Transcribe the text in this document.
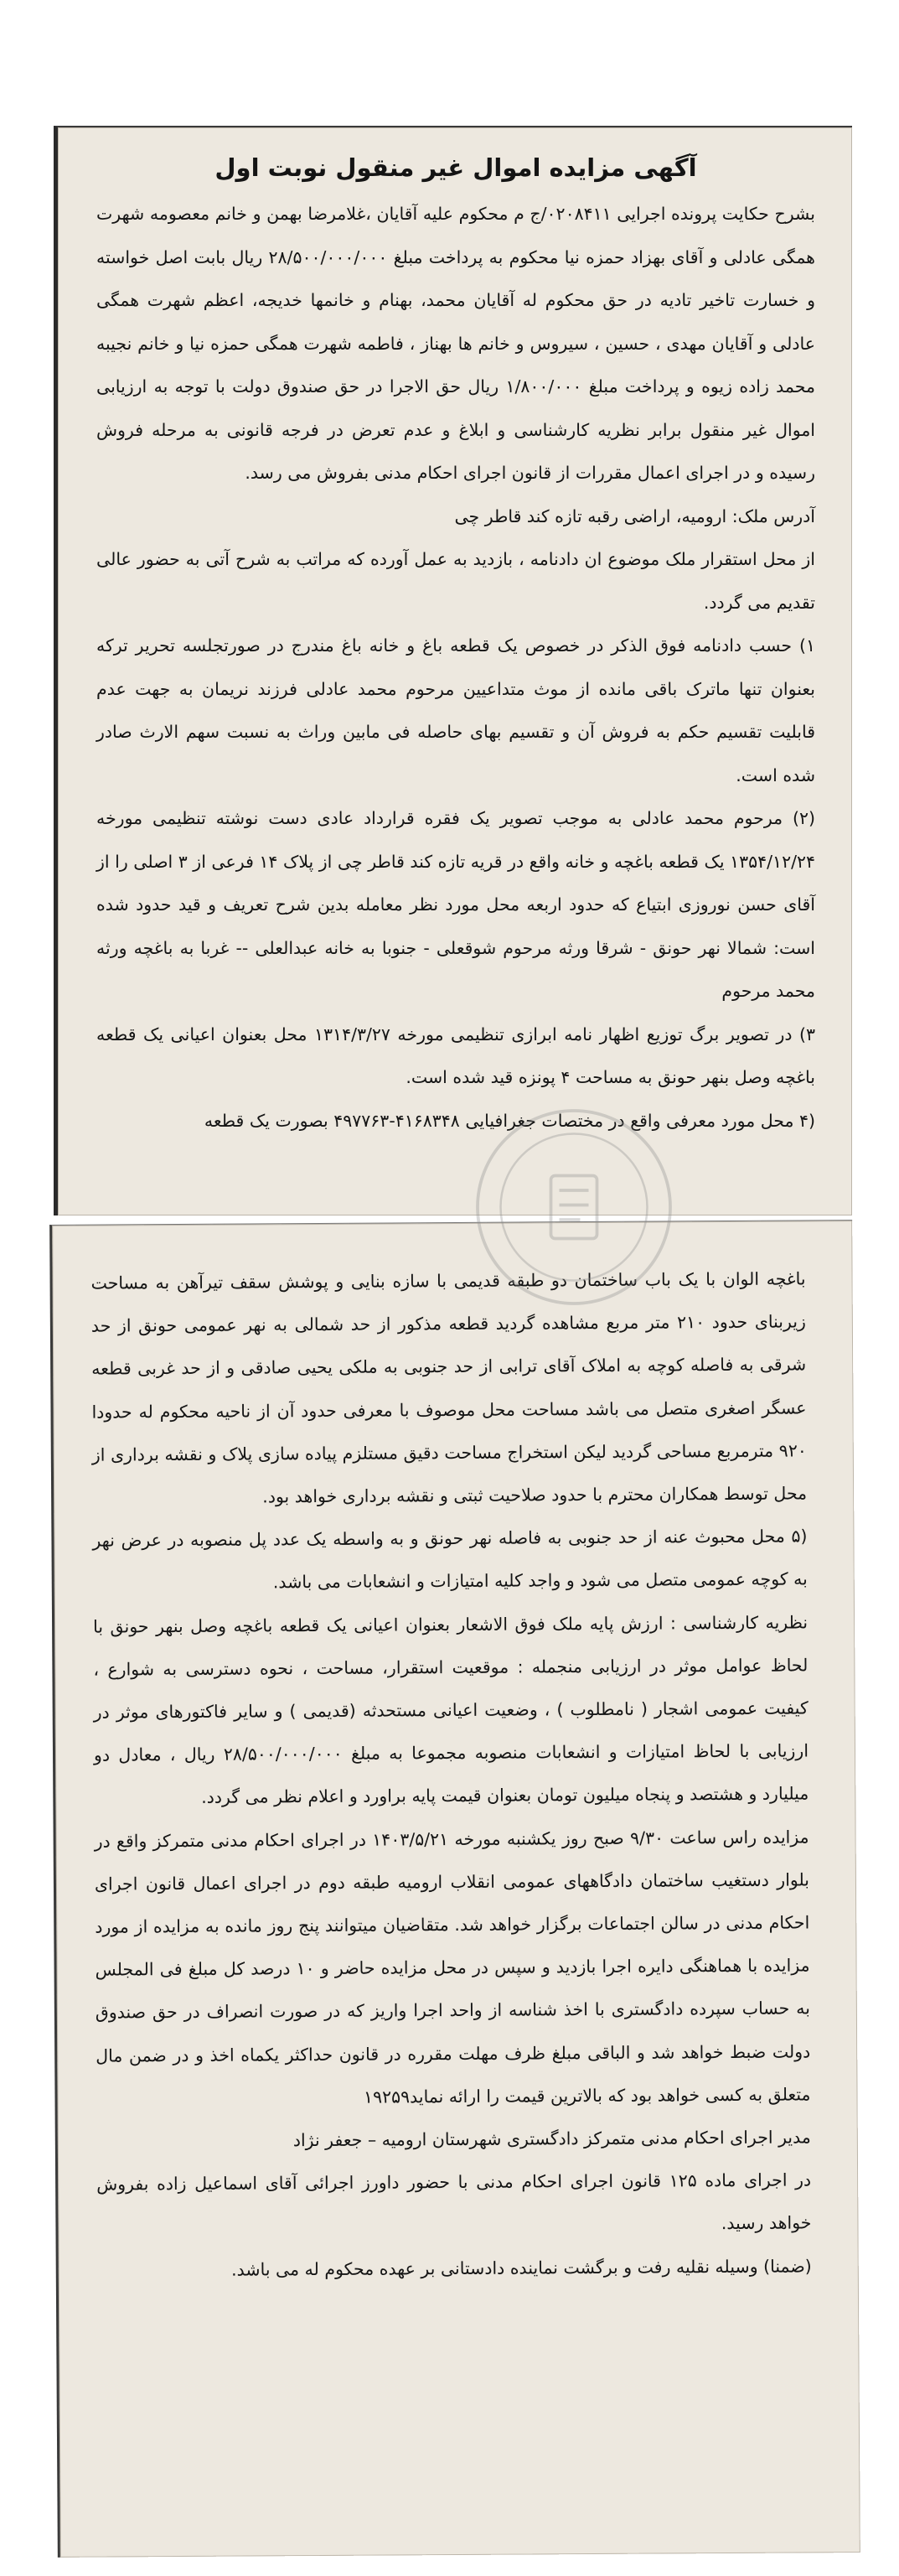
آگهی مزایده اموال غیر منقول نوبت اول

بشرح حکایت پرونده اجرایی ۰۲۰۸۴۱۱/ج م محکوم علیه آقایان ،غلامرضا بهمن و خانم معصومه شهرت همگی عادلی و آقای بهزاد حمزه نیا محکوم به پرداخت مبلغ ۲۸/۵۰۰/۰۰۰/۰۰۰ ریال بابت اصل خواسته و خسارت تاخیر تادیه در حق محکوم له آقایان محمد، بهنام و خانمها خدیجه، اعظم شهرت همگی عادلی و آقایان مهدی ، حسین ، سیروس و خانم ها بهناز ، فاطمه شهرت همگی حمزه نیا و خانم نجیبه محمد زاده زیوه و پرداخت مبلغ ۱/۸۰۰/۰۰۰ ریال حق الاجرا در حق صندوق دولت با توجه به ارزیابی اموال غیر منقول برابر نظریه کارشناسی و ابلاغ و عدم تعرض در فرجه قانونی به مرحله فروش رسیده و در اجرای اعمال مقررات از قانون اجرای احکام مدنی بفروش می رسد.

آدرس ملک: ارومیه، اراضی رقبه تازه کند قاطر چی

از محل استقرار ملک موضوع ان دادنامه ، بازدید به عمل آورده که مراتب به شرح آتی به حضور عالی تقدیم می گردد.

۱) حسب دادنامه فوق الذکر در خصوص یک قطعه باغ و خانه باغ مندرج در صورتجلسه تحریر ترکه بعنوان تنها ماترک باقی مانده از موث متداعیین مرحوم محمد عادلی فرزند نریمان به جهت عدم قابلیت تقسیم حکم به فروش آن و تقسیم بهای حاصله فی مابین وراث به نسبت سهم الارث صادر شده است.

(۲) مرحوم محمد عادلی به موجب تصویر یک فقره قرارداد عادی دست نوشته تنظیمی مورخه ۱۳۵۴/۱۲/۲۴ یک قطعه باغچه و خانه واقع در قریه تازه کند قاطر چی از پلاک ۱۴ فرعی از ۳ اصلی را از آقای حسن نوروزی ابتیاع که حدود اربعه محل مورد نظر معامله بدین شرح تعریف و قید حدود شده است: شمالا نهر حونق - شرقا ورثه مرحوم شوقعلی - جنوبا به خانه عبدالعلی -- غربا به باغچه ورثه محمد مرحوم

۳) در تصویر برگ توزیع اظهار نامه ابرازی تنظیمی مورخه ۱۳۱۴/۳/۲۷ محل بعنوان اعیانی یک قطعه باغچه وصل بنهر حونق به مساحت ۴ پونزه قید شده است.

(۴ محل مورد معرفی واقع در مختصات جغرافیایی ۴۱۶۸۳۴۸-۴۹۷۷۶۳ بصورت یک قطعه

باغچه الوان با یک باب ساختمان دو طبقه قدیمی با سازه بنایی و پوشش سقف تیرآهن به مساحت زیربنای حدود ۲۱۰ متر مربع مشاهده گردید قطعه مذکور از حد شمالی به نهر عمومی حونق از حد شرقی به فاصله کوچه به املاک آقای ترابی از حد جنوبی به ملکی یحیی صادقی و از حد غربی قطعه عسگر اصغری متصل می باشد مساحت محل موصوف با معرفی حدود آن از ناحیه محکوم له حدودا ۹۲۰ مترمربع مساحی گردید لیکن استخراج مساحت دقیق مستلزم پیاده سازی پلاک و نقشه برداری از محل توسط همکاران محترم با حدود صلاحیت ثبتی و نقشه برداری خواهد بود.

(۵ محل محبوث عنه از حد جنوبی به فاصله نهر حونق و به واسطه یک عدد پل منصوبه در عرض نهر به کوچه عمومی متصل می شود و واجد کلیه امتیازات و انشعابات می باشد.

نظریه کارشناسی : ارزش پایه ملک فوق الاشعار بعنوان اعیانی یک قطعه باغچه وصل بنهر حونق با لحاظ عوامل موثر در ارزیابی منجمله : موقعیت استقرار، مساحت ، نحوه دسترسی به شوارع ، کیفیت عمومی اشجار ( نامطلوب ) ، وضعیت اعیانی مستحدثه (قدیمی ) و سایر فاکتورهای موثر در ارزیابی با لحاظ امتیازات و انشعابات منصوبه مجموعا به مبلغ ۲۸/۵۰۰/۰۰۰/۰۰۰ ریال ، معادل دو میلیارد و هشتصد و پنجاه میلیون تومان بعنوان قیمت پایه براورد و اعلام نظر می گردد.

مزایده راس ساعت ۹/۳۰ صبح روز یکشنبه مورخه ۱۴۰۳/۵/۲۱ در اجرای احکام مدنی متمرکز واقع در بلوار دستغیب ساختمان دادگاههای عمومی انقلاب ارومیه طبقه دوم در اجرای اعمال قانون اجرای احکام مدنی در سالن اجتماعات برگزار خواهد شد. متقاضیان میتوانند پنج روز مانده به مزایده از مورد مزایده با هماهنگی دایره اجرا بازدید و سپس در محل مزایده حاضر و ۱۰ درصد کل مبلغ فی المجلس به حساب سپرده دادگستری با اخذ شناسه از واحد اجرا واریز که در صورت انصراف در حق صندوق دولت ضبط خواهد شد و الباقی مبلغ ظرف مهلت مقرره در قانون حداکثر یکماه اخذ و در ضمن مال متعلق به کسی خواهد بود که بالاترین قیمت را ارائه نماید۱۹۲۵۹

مدیر اجرای احکام مدنی متمرکز دادگستری شهرستان ارومیه – جعفر نژاد

در اجرای ماده ۱۲۵ قانون اجرای احکام مدنی با حضور داورز اجرائی آقای اسماعیل زاده بفروش خواهد رسید.

(ضمنا) وسیله نقلیه رفت و برگشت نماینده دادستانی بر عهده محکوم له می باشد.
